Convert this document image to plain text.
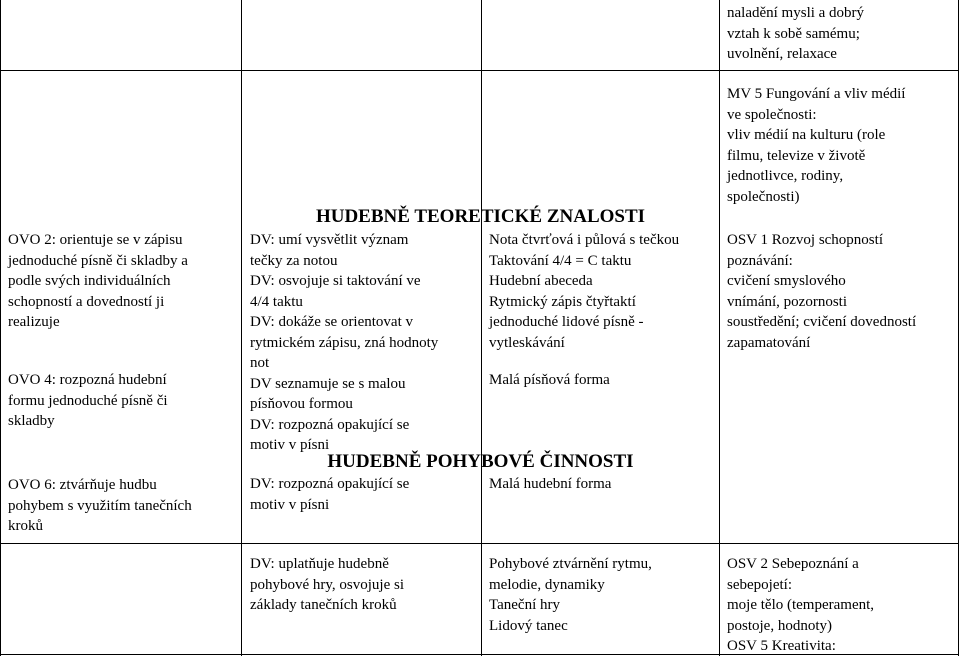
naladění mysli a dobrý
vztah k sobě samému;
uvolnění, relaxace
OVO 2: orientuje se v zápisu
jednoduché písně či skladby a
podle svých individuálních
schopností a dovedností ji
realizuje
OVO 4: rozpozná hudební
formu jednoduché písně či
skladby
OVO 6: ztvárňuje hudbu
pohybem s využitím tanečních
kroků
MV 5 Fungování a vliv médií
ve společnosti:
vliv médií na kulturu (role
filmu, televize v životě
jednotlivce, rodiny,
společnosti)
HUDEBNĚ TEORETICKÉ ZNALOSTI
DV: umí vysvětlit význam
tečky za notou
DV: osvojuje si taktování ve
4/4 taktu
DV: dokáže se orientovat v
rytmickém zápisu, zná hodnoty
not
DV seznamuje se s malou
písňovou formou
DV: rozpozná opakující se
motiv v písni
Nota čtvrťová i půlová s tečkou
Taktování 4/4 = C taktu
Hudební abeceda
Rytmický zápis čtyřtaktí
jednoduché lidové písně -
vytleskávání
Malá písňová forma
OSV 1 Rozvoj schopností
poznávání:
cvičení smyslového
vnímání, pozornosti
soustředění; cvičení dovedností
zapamatování
HUDEBNĚ POHYBOVÉ ČINNOSTI
DV: rozpozná opakující se
motiv v písni
Malá hudební forma
DV: uplatňuje hudebně
pohybové hry, osvojuje si
základy tanečních kroků
Pohybové ztvárnění rytmu,
melodie, dynamiky
Taneční hry
Lidový tanec
OSV 2 Sebepoznání a
sebepojetí:
moje tělo (temperament,
postoje, hodnoty)
OSV 5 Kreativita:
